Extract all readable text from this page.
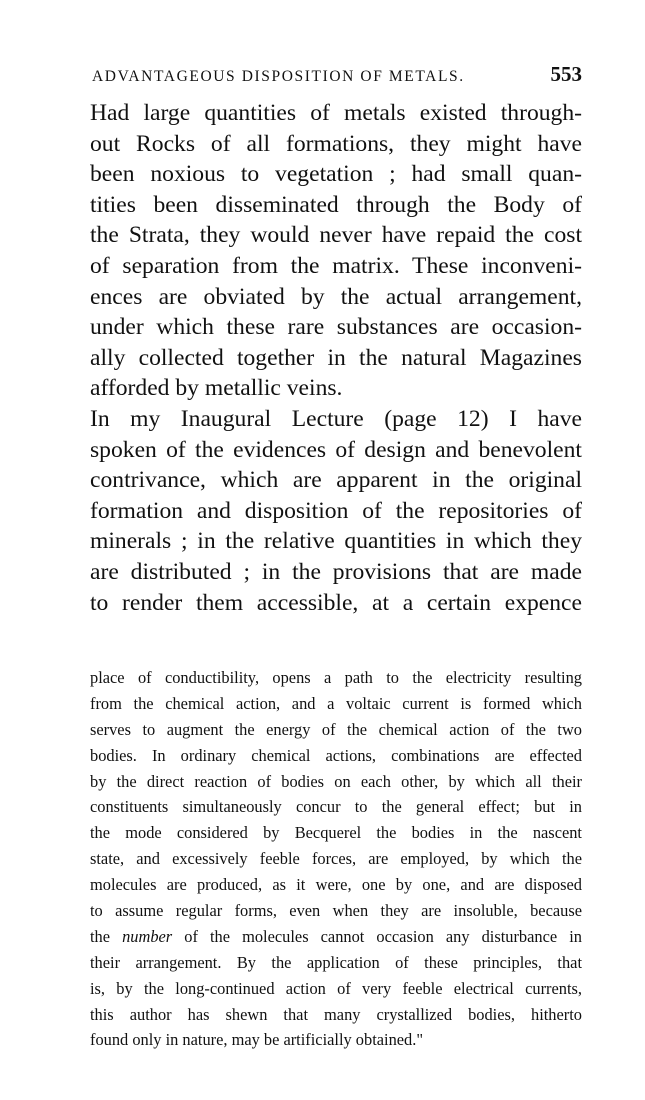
ADVANTAGEOUS DISPOSITION OF METALS.	553
Had large quantities of metals existed through-
out Rocks of all formations, they might have
been noxious to vegetation ; had small quan-
tities been disseminated through the Body of
the Strata, they would never have repaid the cost
of separation from the matrix. These inconveni-
ences are obviated by the actual arrangement,
under which these rare substances are occasion-
ally collected together in the natural Magazines
afforded by metallic veins.
In my Inaugural Lecture (page 12) I have
spoken of the evidences of design and benevolent
contrivance, which are apparent in the original
formation and disposition of the repositories of
minerals ; in the relative quantities in which they
are distributed ; in the provisions that are made
to render them accessible, at a certain expence
place of conductibility, opens a path to the electricity resulting
from the chemical action, and a voltaic current is formed which
serves to augment the energy of the chemical action of the two
bodies. In ordinary chemical actions, combinations are effected
by the direct reaction of bodies on each other, by which all their
constituents simultaneously concur to the general effect; but in
the mode considered by Becquerel the bodies in the nascent
state, and excessively feeble forces, are employed, by which the
molecules are produced, as it were, one by one, and are disposed
to assume regular forms, even when they are insoluble, because
the number of the molecules cannot occasion any disturbance in
their arrangement. By the application of these principles, that
is, by the long-continued action of very feeble electrical currents,
this author has shewn that many crystallized bodies, hitherto
found only in nature, may be artificially obtained."
